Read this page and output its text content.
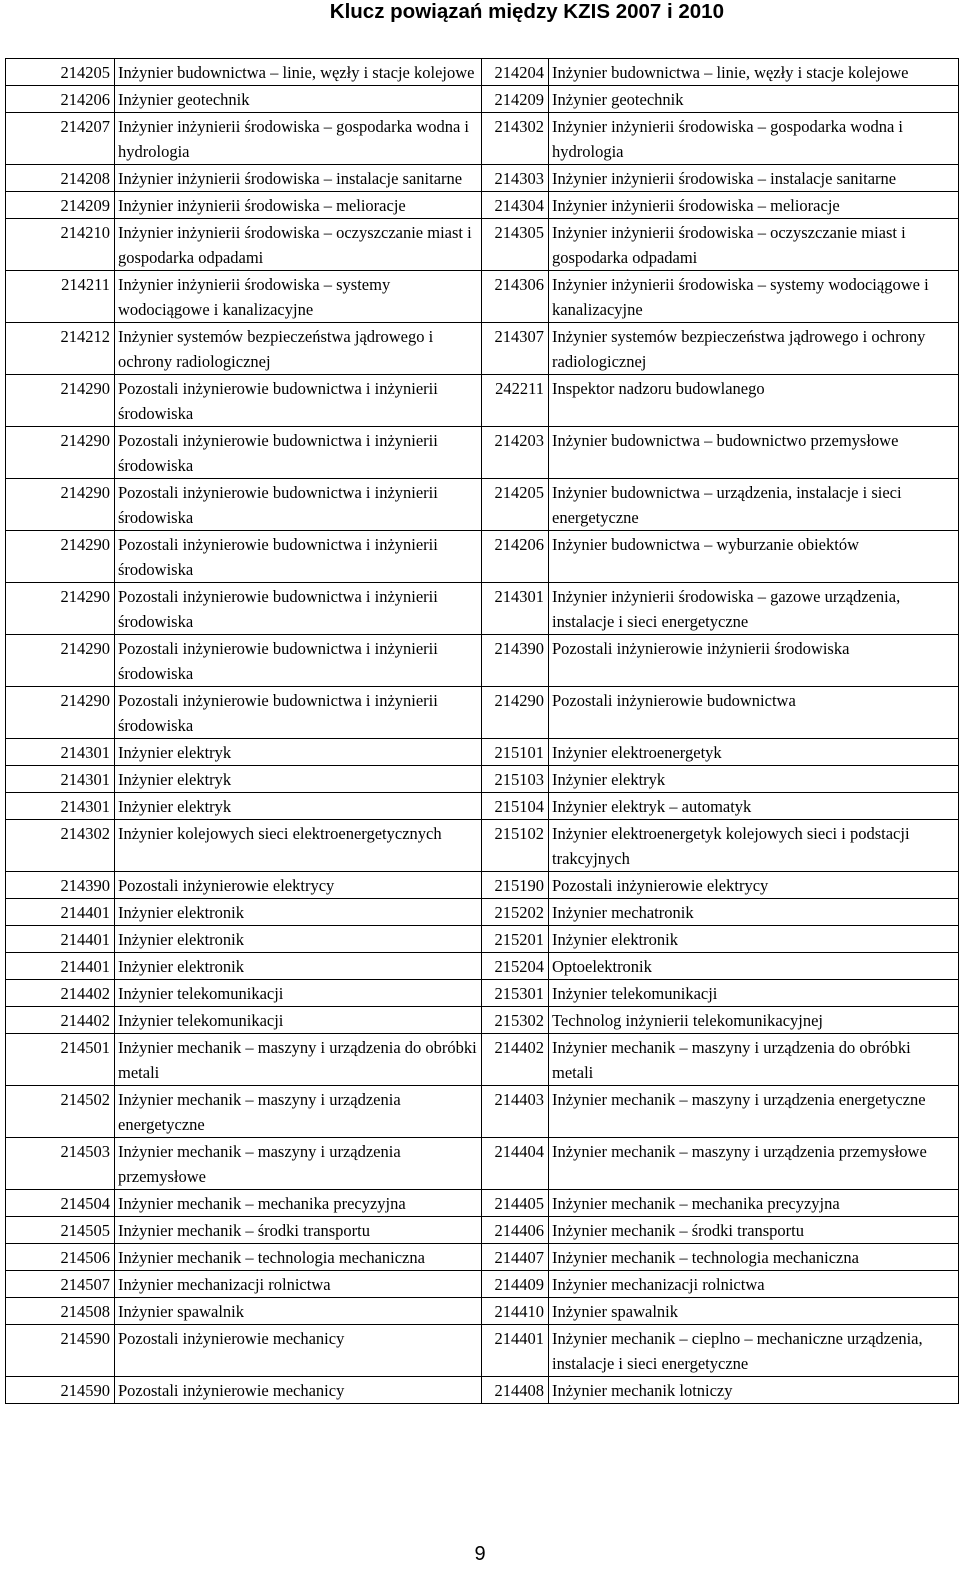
Klucz powiązań między KZIS 2007 i 2010
214205	Inżynier budownictwa – linie, węzły i stacje kolejowe	214204	Inżynier budownictwa – linie, węzły i stacje kolejowe
214206	Inżynier geotechnik	214209	Inżynier geotechnik
214207	Inżynier inżynierii środowiska – gospodarka wodna i hydrologia	214302	Inżynier inżynierii środowiska – gospodarka wodna i hydrologia
214208	Inżynier inżynierii środowiska – instalacje sanitarne	214303	Inżynier inżynierii środowiska – instalacje sanitarne
214209	Inżynier inżynierii środowiska – melioracje	214304	Inżynier inżynierii środowiska – melioracje
214210	Inżynier inżynierii środowiska – oczyszczanie miast i gospodarka odpadami	214305	Inżynier inżynierii środowiska – oczyszczanie miast i gospodarka odpadami
214211	Inżynier inżynierii środowiska – systemy wodociągowe i kanalizacyjne	214306	Inżynier inżynierii środowiska – systemy wodociągowe i kanalizacyjne
214212	Inżynier systemów bezpieczeństwa jądrowego i ochrony radiologicznej	214307	Inżynier systemów bezpieczeństwa jądrowego i ochrony radiologicznej
214290	Pozostali inżynierowie budownictwa i inżynierii środowiska	242211	Inspektor nadzoru budowlanego
214290	Pozostali inżynierowie budownictwa i inżynierii środowiska	214203	Inżynier budownictwa – budownictwo przemysłowe
214290	Pozostali inżynierowie budownictwa i inżynierii środowiska	214205	Inżynier budownictwa – urządzenia, instalacje i sieci energetyczne
214290	Pozostali inżynierowie budownictwa i inżynierii środowiska	214206	Inżynier budownictwa – wyburzanie obiektów
214290	Pozostali inżynierowie budownictwa i inżynierii środowiska	214301	Inżynier inżynierii środowiska – gazowe urządzenia, instalacje i sieci energetyczne
214290	Pozostali inżynierowie budownictwa i inżynierii środowiska	214390	Pozostali inżynierowie inżynierii środowiska
214290	Pozostali inżynierowie budownictwa i inżynierii środowiska	214290	Pozostali inżynierowie budownictwa
214301	Inżynier elektryk	215101	Inżynier elektroenergetyk
214301	Inżynier elektryk	215103	Inżynier elektryk
214301	Inżynier elektryk	215104	Inżynier elektryk – automatyk
214302	Inżynier kolejowych sieci elektroenergetycznych	215102	Inżynier elektroenergetyk kolejowych sieci i podstacji trakcyjnych
214390	Pozostali inżynierowie elektrycy	215190	Pozostali inżynierowie elektrycy
214401	Inżynier elektronik	215202	Inżynier mechatronik
214401	Inżynier elektronik	215201	Inżynier elektronik
214401	Inżynier elektronik	215204	Optoelektronik
214402	Inżynier telekomunikacji	215301	Inżynier telekomunikacji
214402	Inżynier telekomunikacji	215302	Technolog inżynierii telekomunikacyjnej
214501	Inżynier mechanik – maszyny i urządzenia do obróbki metali	214402	Inżynier mechanik – maszyny i urządzenia do obróbki metali
214502	Inżynier mechanik – maszyny i urządzenia energetyczne	214403	Inżynier mechanik – maszyny i urządzenia energetyczne
214503	Inżynier mechanik – maszyny i urządzenia przemysłowe	214404	Inżynier mechanik – maszyny i urządzenia przemysłowe
214504	Inżynier mechanik – mechanika precyzyjna	214405	Inżynier mechanik – mechanika precyzyjna
214505	Inżynier mechanik – środki transportu	214406	Inżynier mechanik – środki transportu
214506	Inżynier mechanik – technologia mechaniczna	214407	Inżynier mechanik – technologia mechaniczna
214507	Inżynier mechanizacji rolnictwa	214409	Inżynier mechanizacji rolnictwa
214508	Inżynier spawalnik	214410	Inżynier spawalnik
214590	Pozostali inżynierowie mechanicy	214401	Inżynier mechanik – cieplno – mechaniczne urządzenia, instalacje i sieci energetyczne
214590	Pozostali inżynierowie mechanicy	214408	Inżynier mechanik lotniczy
9
